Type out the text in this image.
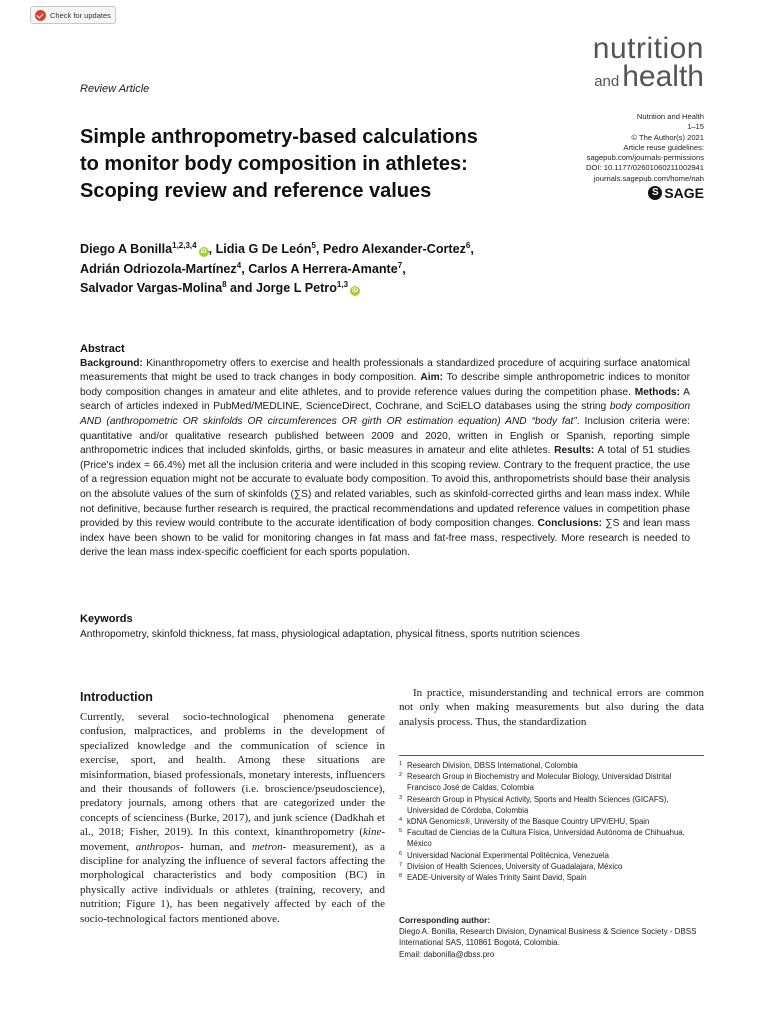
Check for updates
nutrition
and health
Review Article
Nutrition and Health
1–15
© The Author(s) 2021
Article reuse guidelines:
sagepub.com/journals-permissions
DOI: 10.1177/02601060211002941
journals.sagepub.com/home/nah
S SAGE
Simple anthropometry-based calculations
to monitor body composition in athletes:
Scoping review and reference values
Diego A Bonilla$^{1,2,3,4}$iD , Lidia G De León$^5$, Pedro Alexander-Cortez$^6$,
Adrián Odriozola-Martínez$^4$, Carlos A Herrera-Amante$^7$,
Salvador Vargas-Molina$^8$ and Jorge L Petro$^{1,3}$iD
Abstract

Background: Kinanthropometry offers to exercise and health professionals a standardized procedure of acquiring surface anatomical measurements that might be used to track changes in body composition. Aim: To describe simple anthropometric indices to monitor body composition changes in amateur and elite athletes, and to provide reference values during the competition phase. Methods: A search of articles indexed in PubMed/MEDLINE, ScienceDirect, Cochrane, and SciELO databases using the string body composition AND (anthropometric OR skinfolds OR circumferences OR girth OR estimation equation) AND “body fat”. Inclusion criteria were: quantitative and/or qualitative research published between 2009 and 2020, written in English or Spanish, reporting simple anthropometric indices that included skinfolds, girths, or basic measures in amateur and elite athletes. Results: A total of 51 studies (Price's index = 66.4%) met all the inclusion criteria and were included in this scoping review. Contrary to the frequent practice, the use of a regression equation might not be accurate to evaluate body composition. To avoid this, anthropometrists should base their analysis on the absolute values of the sum of skinfolds (∑S) and related variables, such as skinfold-corrected girths and lean mass index. While not definitive, because further research is required, the practical recommendations and updated reference values in competition phase provided by this review would contribute to the accurate identification of body composition changes. Conclusions: ∑S and lean mass index have been shown to be valid for monitoring changes in fat mass and fat-free mass, respectively. More research is needed to derive the lean mass index-specific coefficient for each sports population.

Keywords

Anthropometry, skinfold thickness, fat mass, physiological adaptation, physical fitness, sports nutrition sciences

Introduction

Currently, several socio-technological phenomena generate confusion, malpractices, and problems in the development of specialized knowledge and the communication of science in exercise, sport, and health. Among these situations are misinformation, biased professionals, monetary interests, influencers and their thousands of followers (i.e. broscience/pseudoscience), predatory journals, among others that are categorized under the concepts of scienciness (Burke, 2017), and junk science (Dadkhah et al., 2018; Fisher, 2019). In this context, kinanthropometry (kine- movement, anthropos- human, and metron- measurement), as a discipline for analyzing the influence of several factors affecting the morphological characteristics and body composition (BC) in physically active individuals or athletes (training, recovery, and nutrition; Figure 1), has been negatively affected by each of the socio-technological factors mentioned above.

In practice, misunderstanding and technical errors are common not only when making measurements but also during the data analysis process. Thus, the standardization

$^1$ Research Division, DBSS International, Colombia
$^2$ Research Group in Biochemistry and Molecular Biology, Universidad Distrital Francisco José de Caldas, Colombia
$^3$ Research Group in Physical Activity, Sports and Health Sciences (GICAFS), Universidad de Córdoba, Colombia
$^4$ kDNA Genomics®, University of the Basque Country UPV/EHU, Spain
$^5$ Facultad de Ciencias de la Cultura Física, Universidad Autónoma de Chihuahua, México
$^6$ Universidad Nacional Experimental Politécnica, Venezuela
$^7$ Division of Health Sciences, University of Guadalajara, México
$^8$ EADE-University of Wales Trinity Saint David, Spain
Corresponding author:
Diego A. Bonilla, Research Division, Dynamical Business & Science Society - DBSS International SAS, 110861 Bogotá, Colombia.
Email: dabonilla@dbss.pro
